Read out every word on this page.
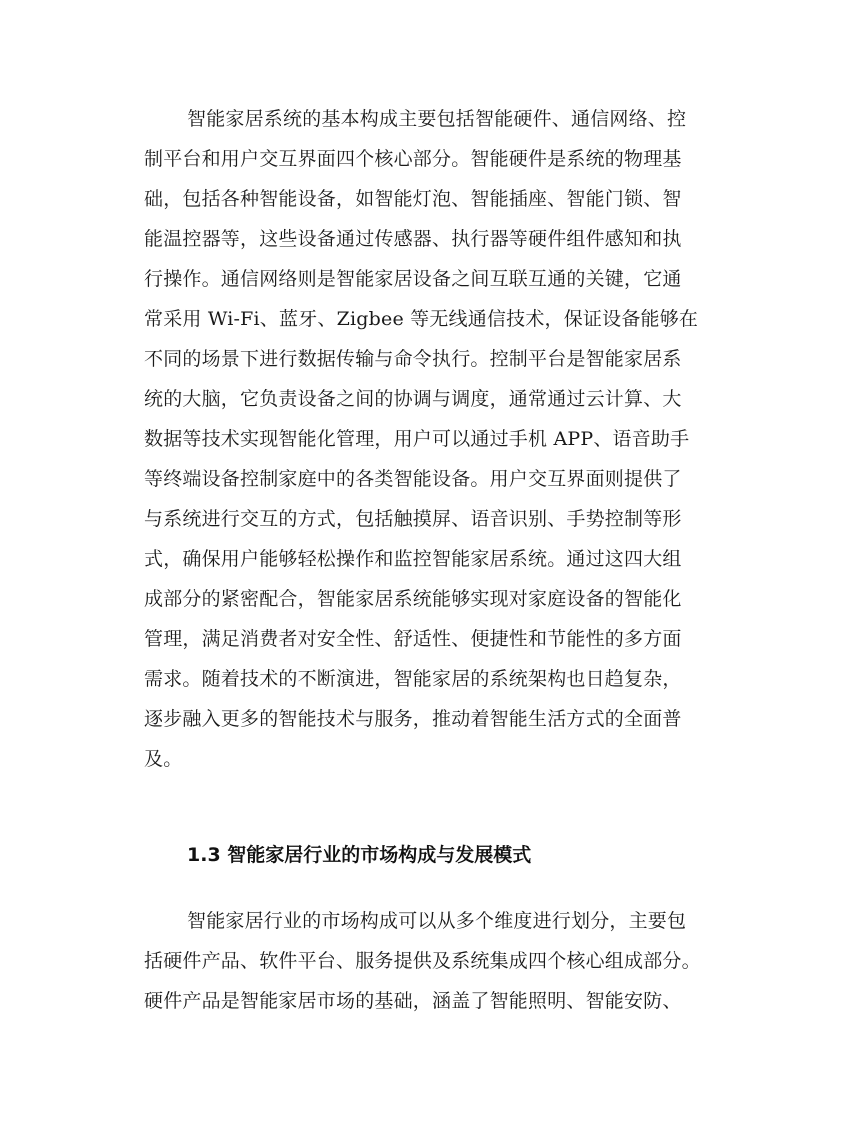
智能家居系统的基本构成主要包括智能硬件、通信网络、控
制平台和用户交互界面四个核心部分。智能硬件是系统的物理基
础，包括各种智能设备，如智能灯泡、智能插座、智能门锁、智
能温控器等，这些设备通过传感器、执行器等硬件组件感知和执
行操作。通信网络则是智能家居设备之间互联互通的关键，它通
常采用 Wi-Fi、蓝牙、Zigbee 等无线通信技术，保证设备能够在
不同的场景下进行数据传输与命令执行。控制平台是智能家居系
统的大脑，它负责设备之间的协调与调度，通常通过云计算、大
数据等技术实现智能化管理，用户可以通过手机 APP、语音助手
等终端设备控制家庭中的各类智能设备。用户交互界面则提供了
与系统进行交互的方式，包括触摸屏、语音识别、手势控制等形
式，确保用户能够轻松操作和监控智能家居系统。通过这四大组
成部分的紧密配合，智能家居系统能够实现对家庭设备的智能化
管理，满足消费者对安全性、舒适性、便捷性和节能性的多方面
需求。随着技术的不断演进，智能家居的系统架构也日趋复杂，
逐步融入更多的智能技术与服务，推动着智能生活方式的全面普
及。
1.3 智能家居行业的市场构成与发展模式
智能家居行业的市场构成可以从多个维度进行划分，主要包
括硬件产品、软件平台、服务提供及系统集成四个核心组成部分。
硬件产品是智能家居市场的基础，涵盖了智能照明、智能安防、
